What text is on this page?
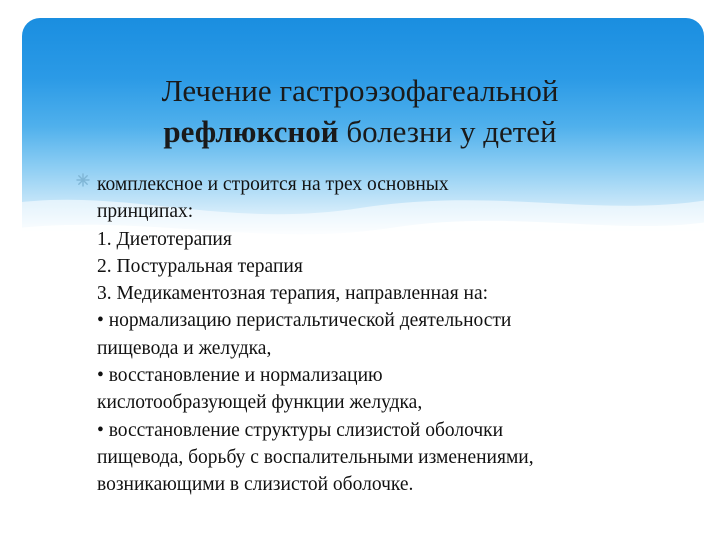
Лечение гастроэзофагеальной
рефлюксной болезни у детей
комплексное и строится на трех основных
принципах:
1. Диетотерапия
2. Постуральная терапия
3. Медикаментозная терапия, направленная на:
• нормализацию перистальтической деятельности
пищевода и желудка,
• восстановление и нормализацию
кислотообразующей функции желудка,
• восстановление структуры слизистой оболочки
пищевода, борьбу с воспалительными изменениями,
возникающими в слизистой оболочке.
